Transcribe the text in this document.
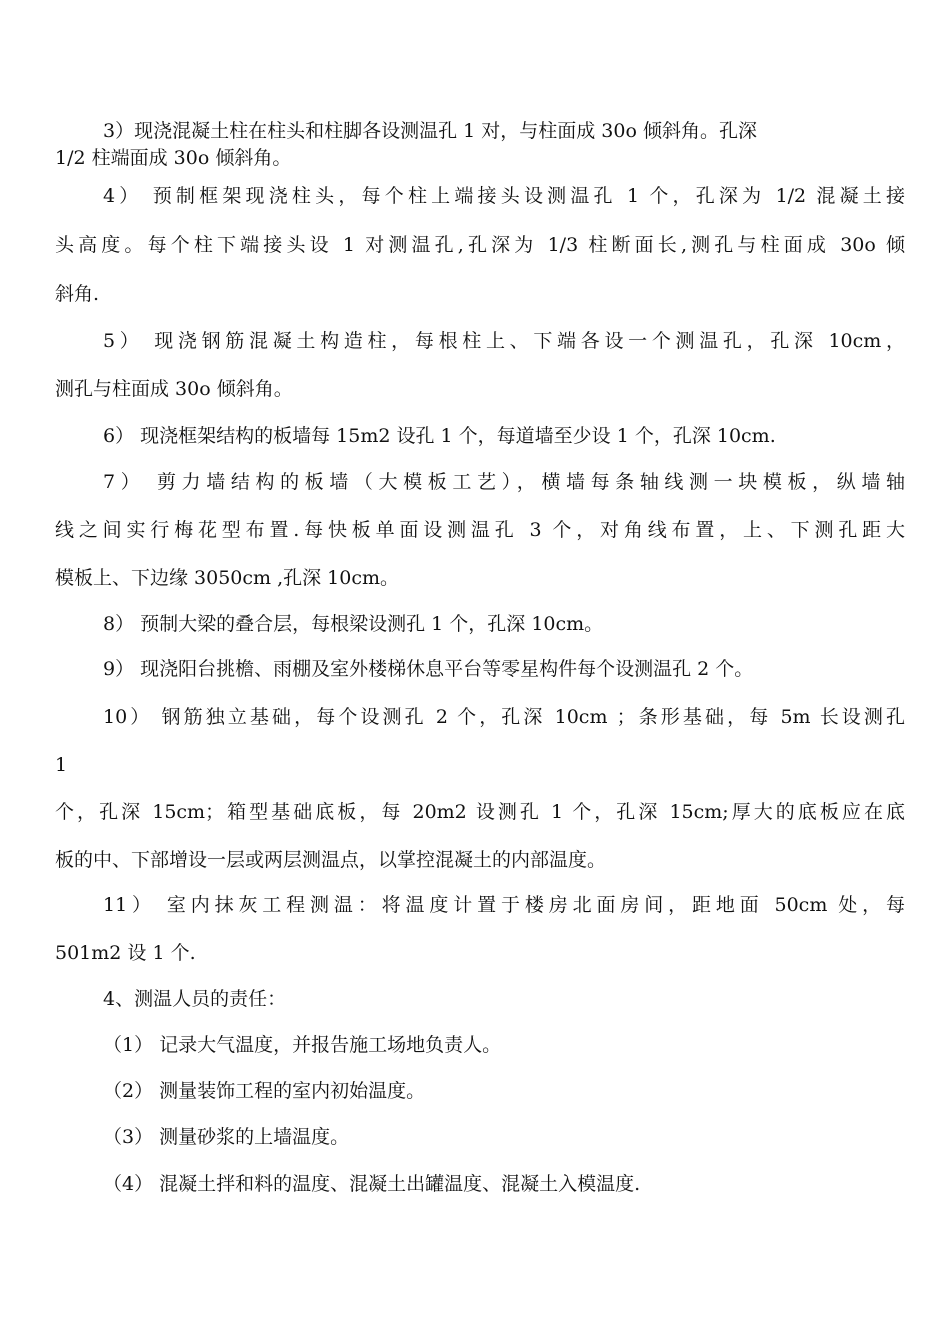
3）现浇混凝土柱在柱头和柱脚各设测温孔 1 对，与柱面成 30o 倾斜角。孔深
1/2 柱端面成 30o 倾斜角。
4） 预制框架现浇柱头，每个柱上端接头设测温孔 1 个，孔深为 1/2 混凝土接
头高度。每个柱下端接头设 1 对测温孔,孔深为 1/3 柱断面长,测孔与柱面成 30o 倾
斜角.
5） 现浇钢筋混凝土构造柱，每根柱上、下端各设一个测温孔，孔深 10cm，
测孔与柱面成 30o 倾斜角。
6） 现浇框架结构的板墙每 15m2 设孔 1 个，每道墙至少设 1 个，孔深 10cm.
7） 剪力墙结构的板墙（大模板工艺），横墙每条轴线测一块模板，纵墙轴
线之间实行梅花型布置.每快板单面设测温孔 3 个，对角线布置，上、下测孔距大
模板上、下边缘 3050cm ,孔深 10cm。
8） 预制大梁的叠合层，每根梁设测孔 1 个，孔深 10cm。
9） 现浇阳台挑檐、雨棚及室外楼梯休息平台等零星构件每个设测温孔 2 个。
10） 钢筋独立基础，每个设测孔 2 个，孔深 10cm ；条形基础，每 5m 长设测孔
1
个，孔深 15cm；箱型基础底板，每 20m2 设测孔 1 个，孔深 15cm;厚大的底板应在底
板的中、下部增设一层或两层测温点，以掌控混凝土的内部温度。
11） 室内抹灰工程测温：将温度计置于楼房北面房间，距地面 50cm 处，每
501m2 设 1 个.
4、测温人员的责任：
（1） 记录大气温度，并报告施工场地负责人。
（2） 测量装饰工程的室内初始温度。
（3） 测量砂浆的上墙温度。
（4） 混凝土拌和料的温度、混凝土出罐温度、混凝土入模温度.
